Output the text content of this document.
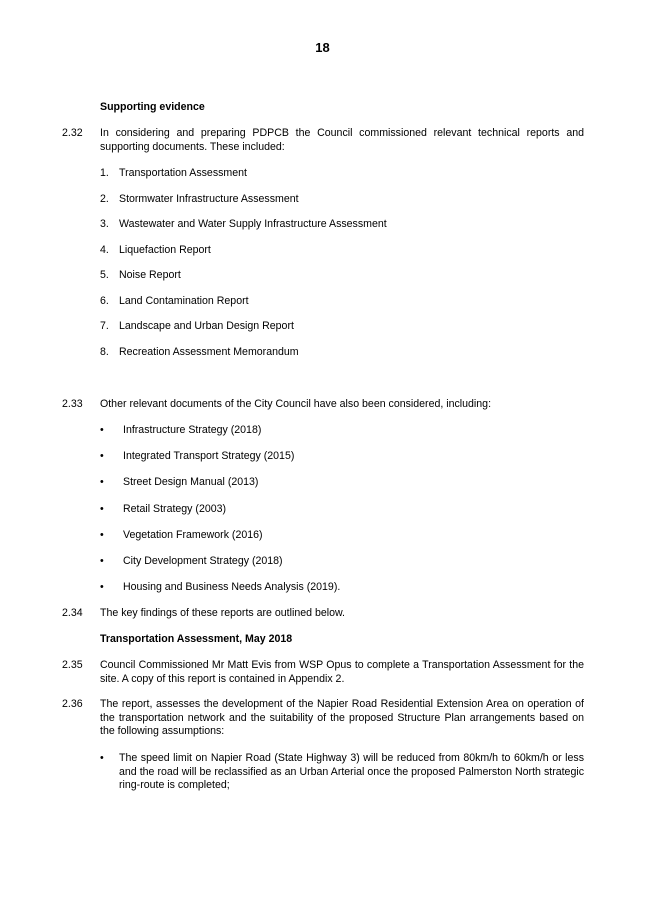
18
Supporting evidence
2.32 In considering and preparing PDPCB the Council commissioned relevant technical reports and supporting documents. These included:
1. Transportation Assessment
2. Stormwater Infrastructure Assessment
3. Wastewater and Water Supply Infrastructure Assessment
4. Liquefaction Report
5. Noise Report
6. Land Contamination Report
7. Landscape and Urban Design Report
8. Recreation Assessment Memorandum
2.33 Other relevant documents of the City Council have also been considered, including:
• Infrastructure Strategy (2018)
• Integrated Transport Strategy (2015)
• Street Design Manual (2013)
• Retail Strategy (2003)
• Vegetation Framework (2016)
• City Development Strategy (2018)
• Housing and Business Needs Analysis (2019).
2.34 The key findings of these reports are outlined below.
Transportation Assessment, May 2018
2.35 Council Commissioned Mr Matt Evis from WSP Opus to complete a Transportation Assessment for the site. A copy of this report is contained in Appendix 2.
2.36 The report, assesses the development of the Napier Road Residential Extension Area on operation of the transportation network and the suitability of the proposed Structure Plan arrangements based on the following assumptions:
• The speed limit on Napier Road (State Highway 3) will be reduced from 80km/h to 60km/h or less and the road will be reclassified as an Urban Arterial once the proposed Palmerston North strategic ring-route is completed;
